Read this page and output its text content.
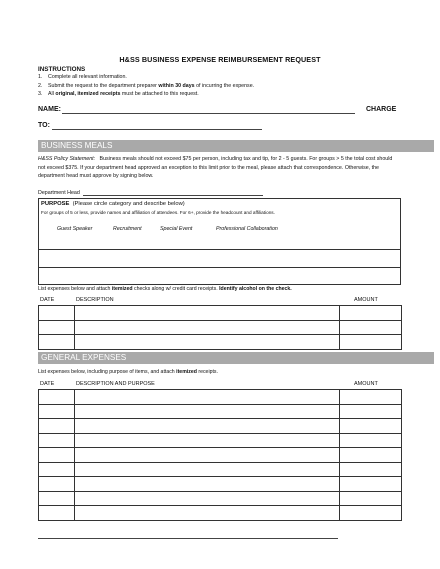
H&SS BUSINESS EXPENSE REIMBURSEMENT REQUEST
INSTRUCTIONS
1. Complete all relevant information.
2. Submit the request to the department preparer within 30 days of incurring the expense.
3. All original, itemized receipts must be attached to this request.
NAME:	CHARGE
TO:
BUSINESS MEALS
H&SS Policy Statement: Business meals should not exceed $75 per person, including tax and tip, for 2 - 5 guests. For groups > 5 the total cost should not exceed $375. If your department head approved an exception to this limit prior to the meal, please attach that correspondence. Otherwise, the department head must approve by signing below.
Department Head
PURPOSE (Please circle category and describe below)
For groups of 5 or less, provide names and affiliation of attendees. For 6+, provide the headcount and affiliations.
Guest Speaker	Recruitment	Special Event	Professional Collaboration
List expenses below and attach itemized checks along w/ credit card receipts. Identify alcohol on the check.
DATE	DESCRIPTION	AMOUNT

GENERAL EXPENSES
List expenses below, including purpose of items, and attach itemized receipts.
DATE	DESCRIPTION AND PURPOSE	AMOUNT
